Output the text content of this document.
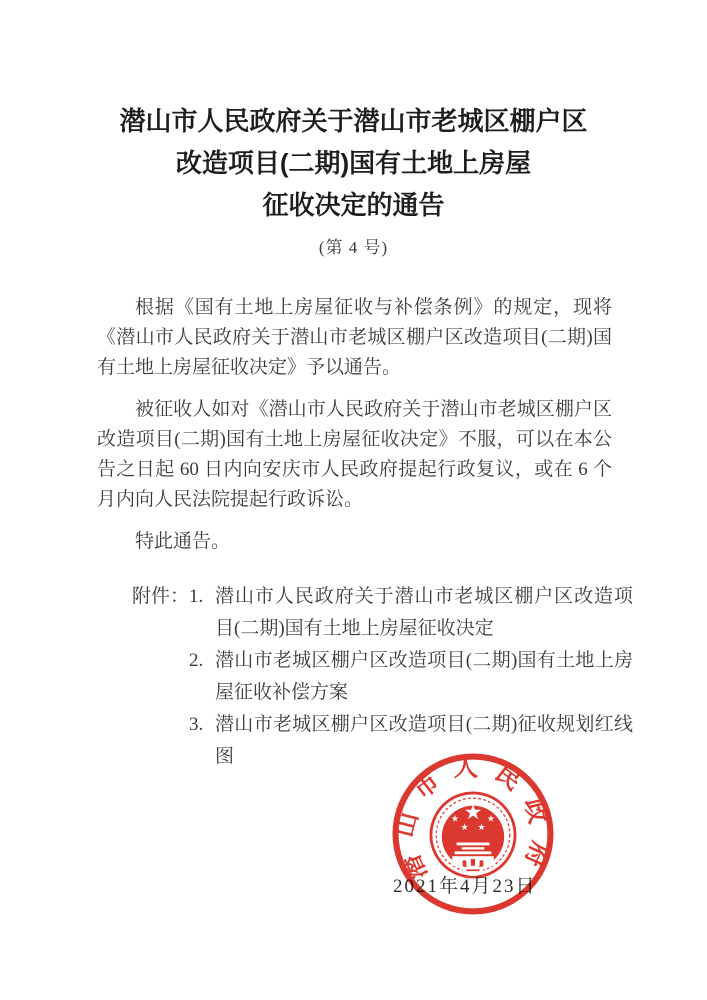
潜山市人民政府关于潜山市老城区棚户区
改造项目(二期)国有土地上房屋
征收决定的通告
(第 4 号)

根据《国有土地上房屋征收与补偿条例》的规定，现将《潜山市人民政府关于潜山市老城区棚户区改造项目(二期)国有土地上房屋征收决定》予以通告。

被征收人如对《潜山市人民政府关于潜山市老城区棚户区改造项目(二期)国有土地上房屋征收决定》不服，可以在本公告之日起 60 日内向安庆市人民政府提起行政复议，或在 6 个月内向人民法院提起行政诉讼。

特此通告。

附件： 1. 潜山市人民政府关于潜山市老城区棚户区改造项目(二期)国有土地上房屋征收决定
2. 潜山市老城区棚户区改造项目(二期)国有土地上房屋征收补偿方案
3. 潜山市老城区棚户区改造项目(二期)征收规划红线图
2021年4月23日
潜山市人民政府
★
★	★
★ ★
